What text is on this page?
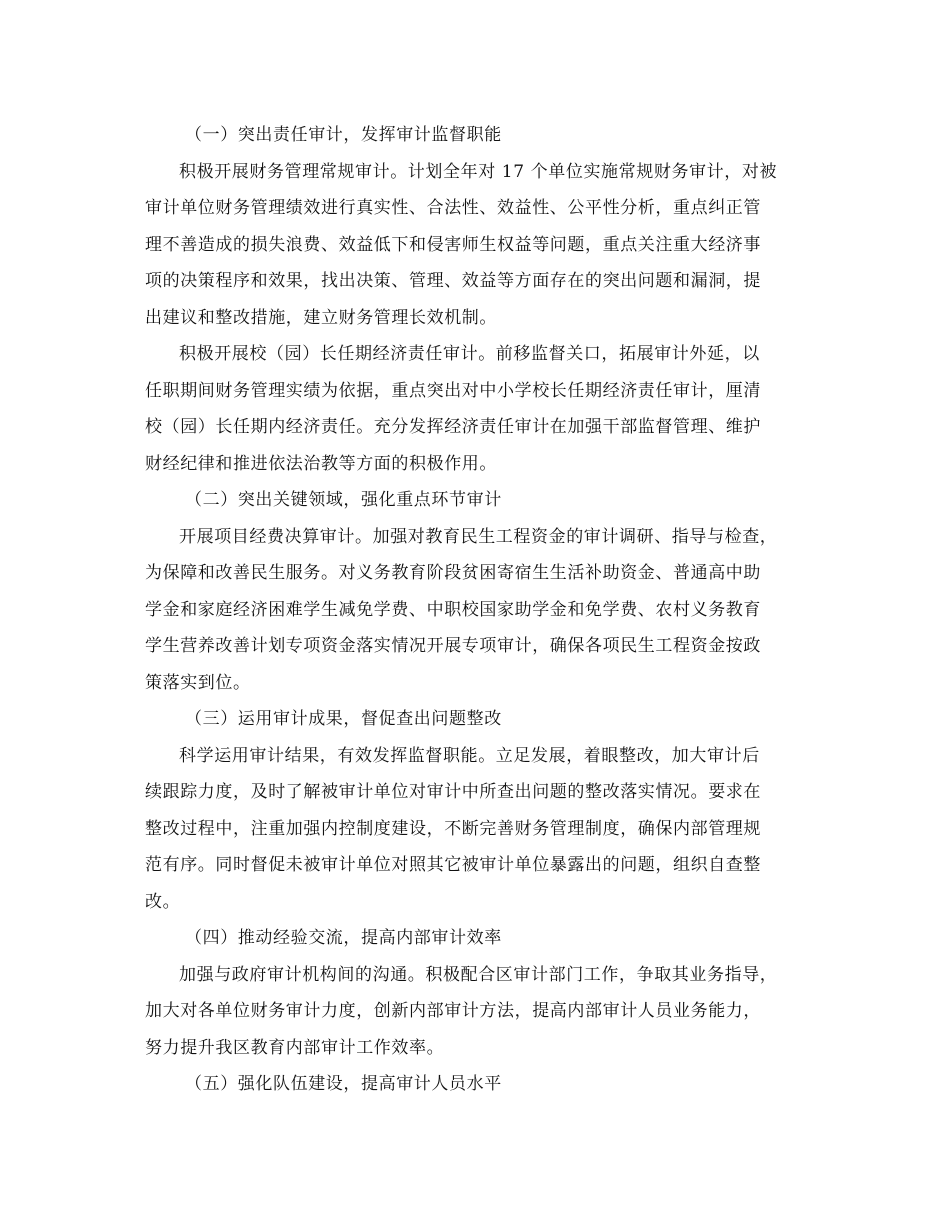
（一）突出责任审计，发挥审计监督职能
积极开展财务管理常规审计。计划全年对 17 个单位实施常规财务审计，对被
审计单位财务管理绩效进行真实性、合法性、效益性、公平性分析，重点纠正管
理不善造成的损失浪费、效益低下和侵害师生权益等问题，重点关注重大经济事
项的决策程序和效果，找出决策、管理、效益等方面存在的突出问题和漏洞，提
出建议和整改措施，建立财务管理长效机制。
积极开展校（园）长任期经济责任审计。前移监督关口，拓展审计外延，以
任职期间财务管理实绩为依据，重点突出对中小学校长任期经济责任审计，厘清
校（园）长任期内经济责任。充分发挥经济责任审计在加强干部监督管理、维护
财经纪律和推进依法治教等方面的积极作用。
（二）突出关键领域，强化重点环节审计
开展项目经费决算审计。加强对教育民生工程资金的审计调研、指导与检查，
为保障和改善民生服务。对义务教育阶段贫困寄宿生生活补助资金、普通高中助
学金和家庭经济困难学生减免学费、中职校国家助学金和免学费、农村义务教育
学生营养改善计划专项资金落实情况开展专项审计，确保各项民生工程资金按政
策落实到位。
（三）运用审计成果，督促查出问题整改
科学运用审计结果，有效发挥监督职能。立足发展，着眼整改，加大审计后
续跟踪力度，及时了解被审计单位对审计中所查出问题的整改落实情况。要求在
整改过程中，注重加强内控制度建设，不断完善财务管理制度，确保内部管理规
范有序。同时督促未被审计单位对照其它被审计单位暴露出的问题，组织自查整
改。
（四）推动经验交流，提高内部审计效率
加强与政府审计机构间的沟通。积极配合区审计部门工作，争取其业务指导，
加大对各单位财务审计力度，创新内部审计方法，提高内部审计人员业务能力，
努力提升我区教育内部审计工作效率。
（五）强化队伍建设，提高审计人员水平
